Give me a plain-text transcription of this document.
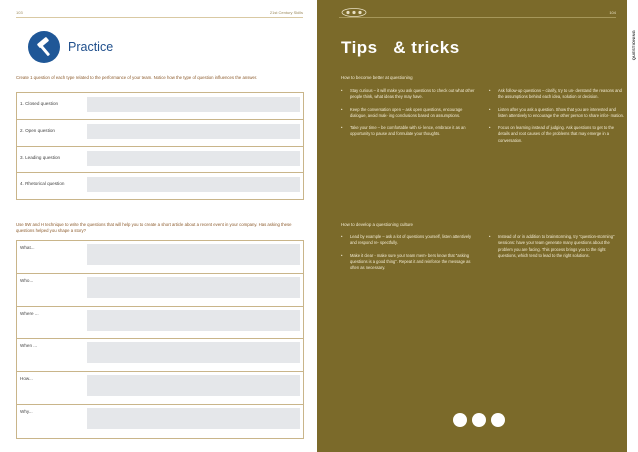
103	21st Century Skills
Practice
Create 1 question of each type related to the performance of your team. Notice how the type of question influences the answer.
1. Closed question
2. Open question
3. Leading question
4. Rhetorical question
Use 5W and H technique to write the questions that will help you to create a short article about a recent event in your company. Has asking these questions helped you shape a story?
What...
Who...
Where ...
When ...
How...
Why...
QUESTIONING
104
Tips   & tricks
How to become better at questioning
• Stay curious – it will make you ask questions to check out what other people think, what ideas they may have.
• Keep the conversation open – ask open questions, encourage dialogue, avoid mak- ing conclusions based on assumptions.
• Take your time – be comfortable with si- lence, embrace it as an opportunity to pause and formulate your thoughts.
• Ask follow-up questions – clarify, try to un- derstand the reasons and the assumptions behind each idea, solution or decision.
• Listen after you ask a question. Show that you are interested and listen attentively to encourage the other person to share infor- mation.
• Focus on learning instead of judging. Ask questions to get to the details and root causes of the problems that may emerge in a conversation.
How to develop a questioning culture
• Lead by example – ask a lot of questions yourself, listen attentively and respond re- spectfully.
• Make it clear - make sure your team mem- bers know that "asking questions is a good thing". Repeat it and reinforce the message as often as necessary.
• Instead of or in addition to brainstorming, try "question-storming" sessions: have your team generate many questions about the problem you are facing. This process brings you to the right questions, which tend to lead to the right solutions.
